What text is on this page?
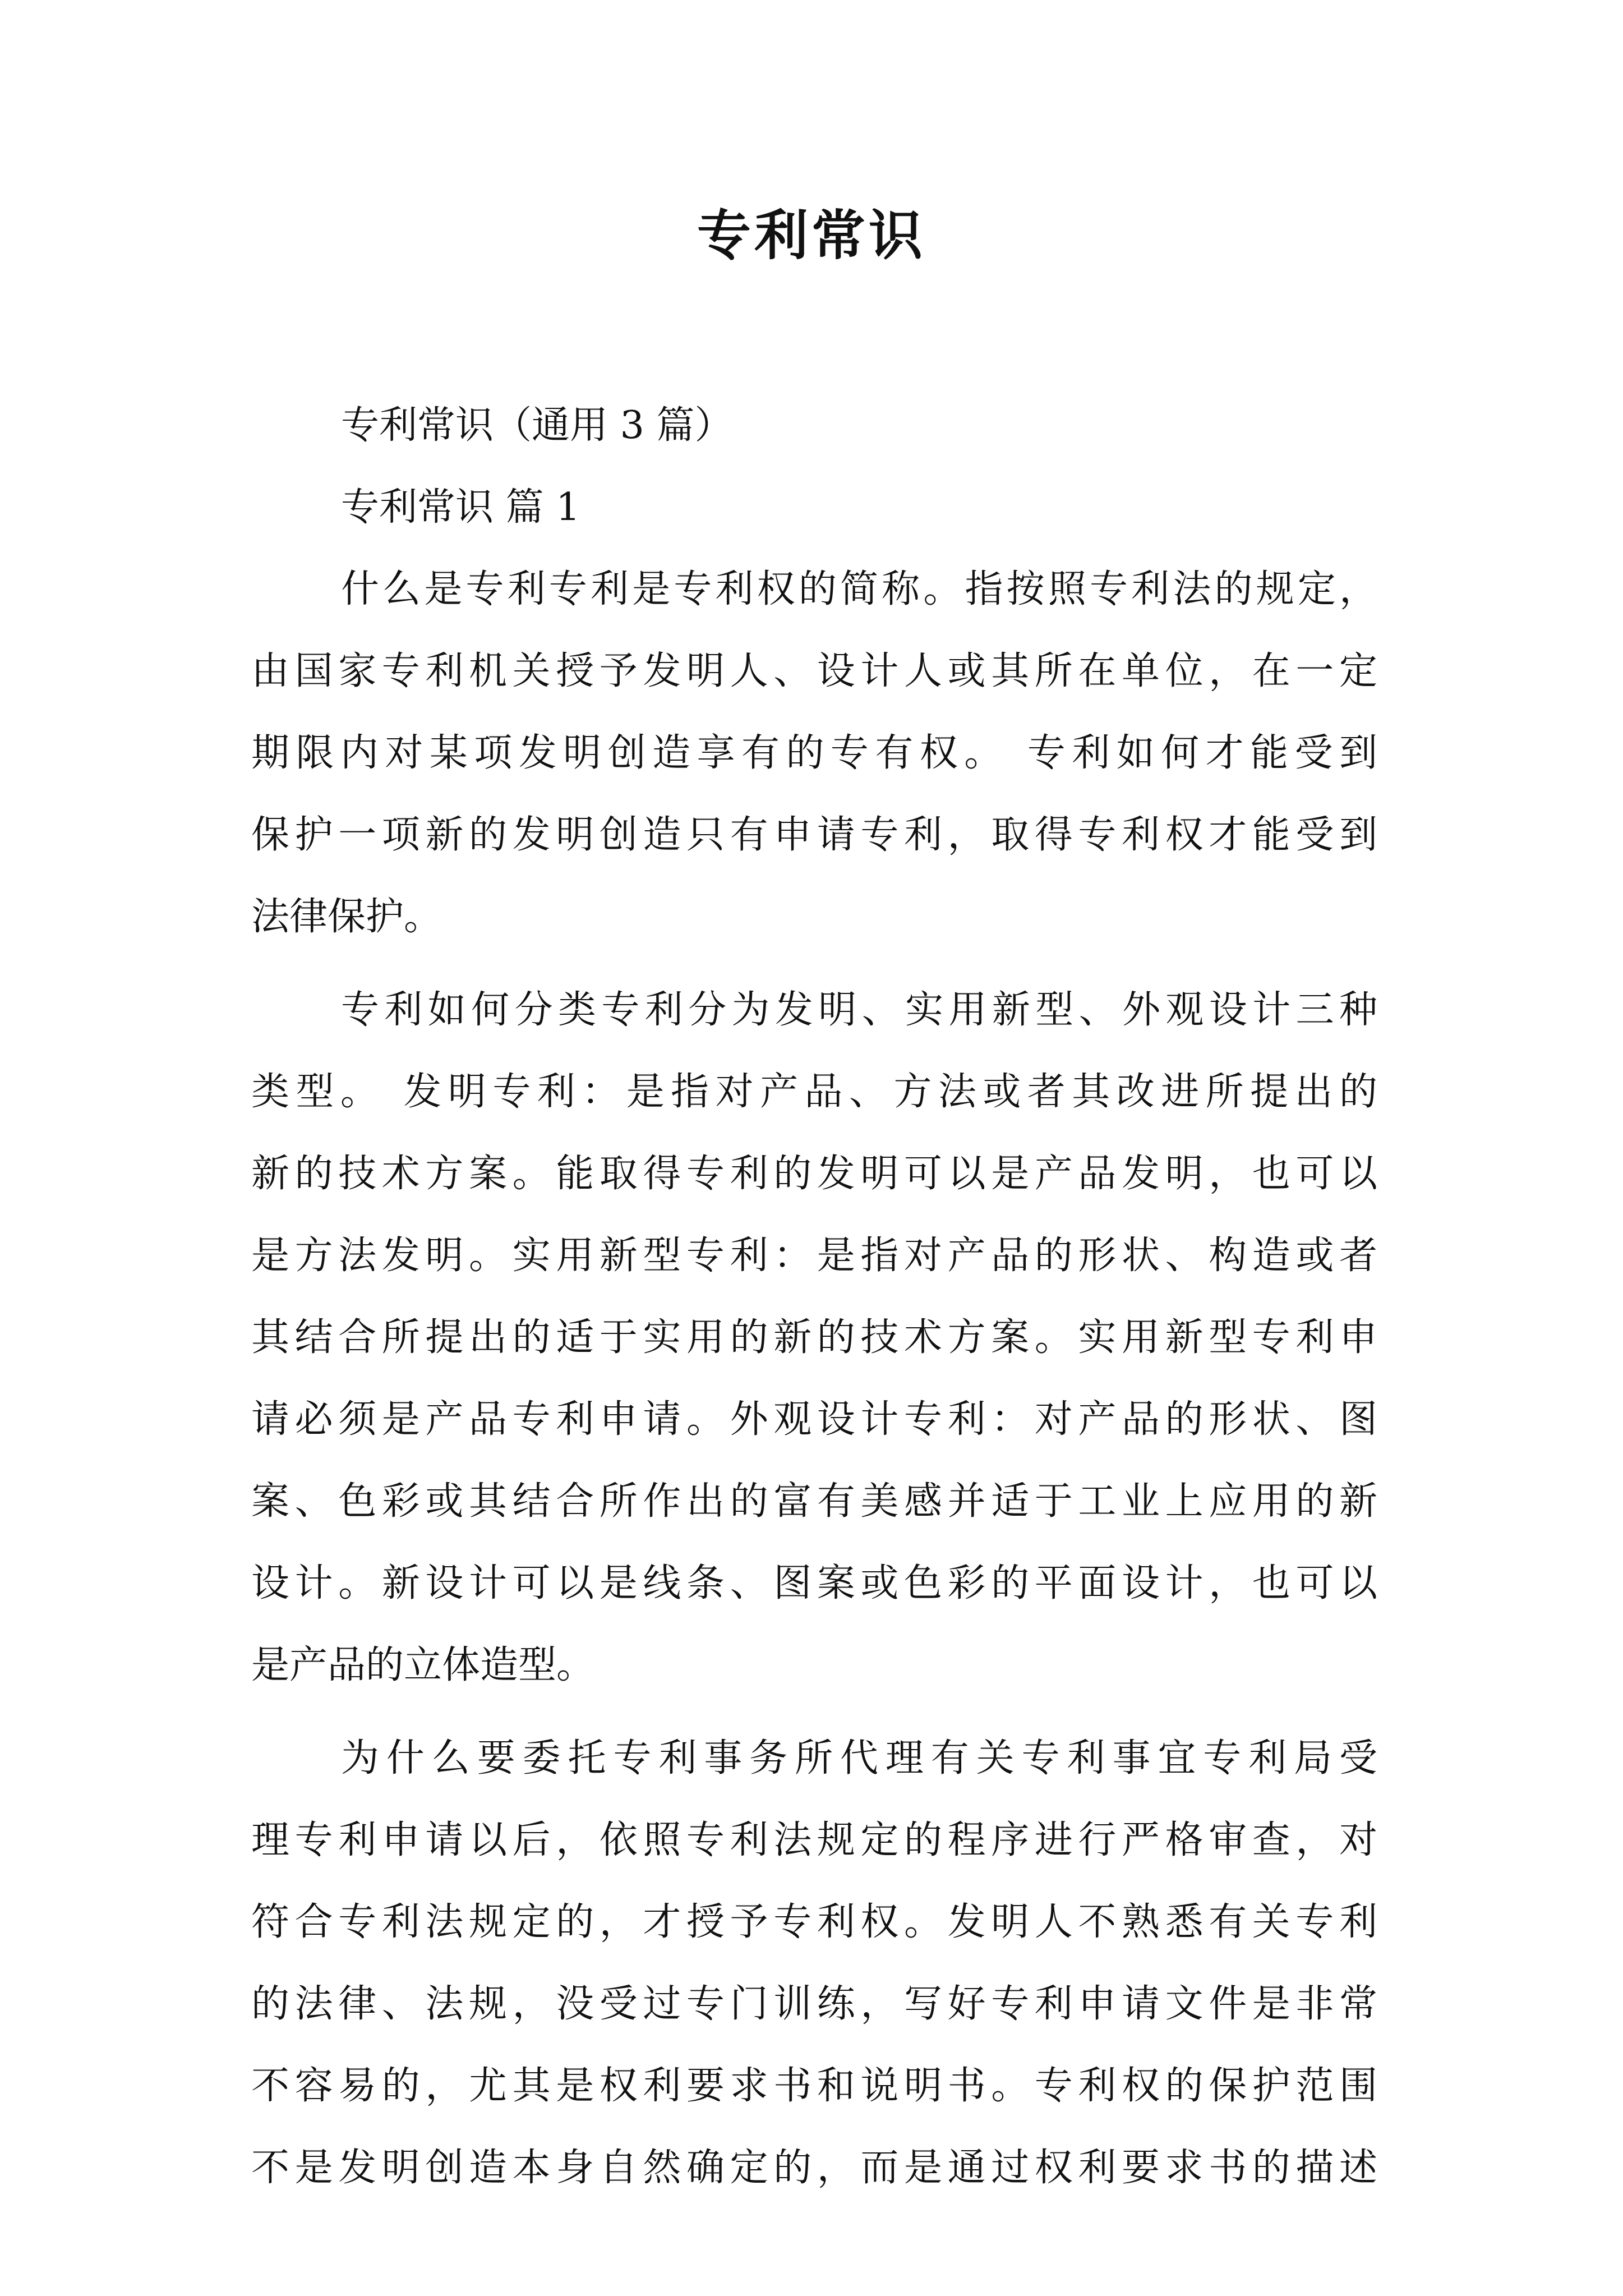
专利常识

专利常识（通用 3 篇）

专利常识 篇 1

什么是专利专利是专利权的简称。指按照专利法的规定，

由国家专利机关授予发明人、设计人或其所在单位，在一定

期限内对某项发明创造享有的专有权。 专利如何才能受到

保护一项新的发明创造只有申请专利，取得专利权才能受到

法律保护。

专利如何分类专利分为发明、实用新型、外观设计三种

类型。 发明专利：是指对产品、方法或者其改进所提出的

新的技术方案。能取得专利的发明可以是产品发明，也可以

是方法发明。实用新型专利：是指对产品的形状、构造或者

其结合所提出的适于实用的新的技术方案。实用新型专利申

请必须是产品专利申请。外观设计专利：对产品的形状、图

案、色彩或其结合所作出的富有美感并适于工业上应用的新

设计。新设计可以是线条、图案或色彩的平面设计，也可以

是产品的立体造型。

为什么要委托专利事务所代理有关专利事宜专利局受

理专利申请以后，依照专利法规定的程序进行严格审查，对

符合专利法规定的，才授予专利权。发明人不熟悉有关专利

的法律、法规，没受过专门训练，写好专利申请文件是非常

不容易的，尤其是权利要求书和说明书。专利权的保护范围

不是发明创造本身自然确定的，而是通过权利要求书的描述
